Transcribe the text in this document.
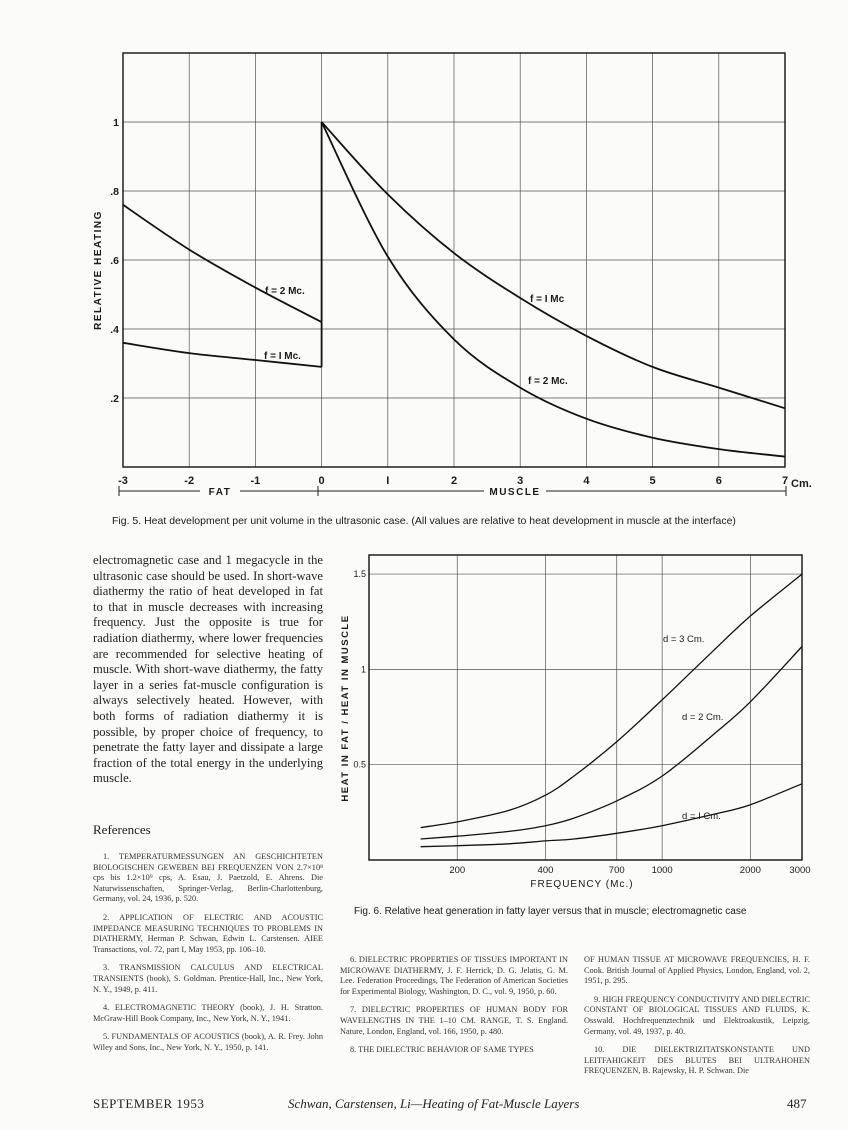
-3	-2	-1	0	I	2	3	4	5	6	7
.2
.4
.6
.8
1
RELATIVE HEATING	f = 2 Mc.
f = I Mc.
f = I Mc
f = 2 Mc.
Cm.
FAT	MUSCLE
Fig. 5. Heat development per unit volume in the ultrasonic case. (All values are relative to heat development in muscle at the interface)
electromagnetic case and 1 megacycle in the ultrasonic case should be used. In short-wave diathermy the ratio of heat developed in fat to that in muscle decreases with increasing frequency. Just the opposite is true for radiation diathermy, where lower frequencies are recommended for selective heating of muscle. With short-wave diathermy, the fatty layer in a series fat-muscle configuration is always selectively heated. However, with both forms of radiation diathermy it is possible, by proper choice of frequency, to penetrate the fatty layer and dissipate a large fraction of the total energy in the underlying muscle.
References

1. TEMPERATURMESSUNGEN AN GESCHICHTETEN BIOLOGISCHEN GEWEBEN BEI FREQUENZEN VON 2.7×10⁸ cps bis 1.2×10⁹ cps, A. Esau, J. Paetzold, E. Ahrens. Die Naturwissenschaften, Springer-Verlag, Berlin-Charlottenburg, Germany, vol. 24, 1936, p. 520.

2. APPLICATION OF ELECTRIC AND ACOUSTIC IMPEDANCE MEASURING TECHNIQUES TO PROBLEMS IN DIATHERMY, Herman P. Schwan, Edwin L. Carstensen. AIEE Transactions, vol. 72, part I, May 1953, pp. 106–10.

3. TRANSMISSION CALCULUS AND ELECTRICAL TRANSIENTS (book), S. Goldman. Prentice-Hall, Inc., New York, N. Y., 1949, p. 411.

4. ELECTROMAGNETIC THEORY (book), J. H. Stratton. McGraw-Hill Book Company, Inc., New York, N. Y., 1941.

5. FUNDAMENTALS OF ACOUSTICS (book), A. R. Frey. John Wiley and Sons, Inc., New York, N. Y., 1950, p. 141.

6. DIELECTRIC PROPERTIES OF TISSUES IMPORTANT IN MICROWAVE DIATHERMY, J. F. Herrick, D. G. Jelatis, G. M. Lee. Federation Proceedings, The Federation of American Societies for Experimental Biology, Washington, D. C., vol. 9, 1950, p. 60.

7. DIELECTRIC PROPERTIES OF HUMAN BODY FOR WAVELENGTHS IN THE 1–10 CM. RANGE, T. S. England. Nature, London, England, vol. 166, 1950, p. 480.

8. THE DIELECTRIC BEHAVIOR OF SAME TYPES

OF HUMAN TISSUE AT MICROWAVE FREQUENCIES, H. F. Cook. British Journal of Applied Physics, London, England, vol. 2, 1951, p. 295.

9. HIGH FREQUENCY CONDUCTIVITY AND DIELECTRIC CONSTANT OF BIOLOGICAL TISSUES AND FLUIDS, K. Osswald. Hochfrequenztechnik und Elektroakustik, Leipzig, Germany, vol. 49, 1937, p. 40.

10. DIE DIELEKTRIZITATSKONSTANTE UND LEITFAHIGKEIT DES BLUTES BEI ULTRAHOHEN FREQUENZEN, B. Rajewsky, H. P. Schwan. Die

200	400	700	1000	2000	3000
0.5
1
1.5
HEAT IN FAT / HEAT IN MUSCLE
FREQUENCY (Mc.)
d = 3 Cm.
d = 2 Cm.
d = I Cm.
Fig. 6. Relative heat generation in fatty layer versus that in muscle; electromagnetic case
SEPTEMBER 1953	Schwan, Carstensen, Li—Heating of Fat-Muscle Layers	487
